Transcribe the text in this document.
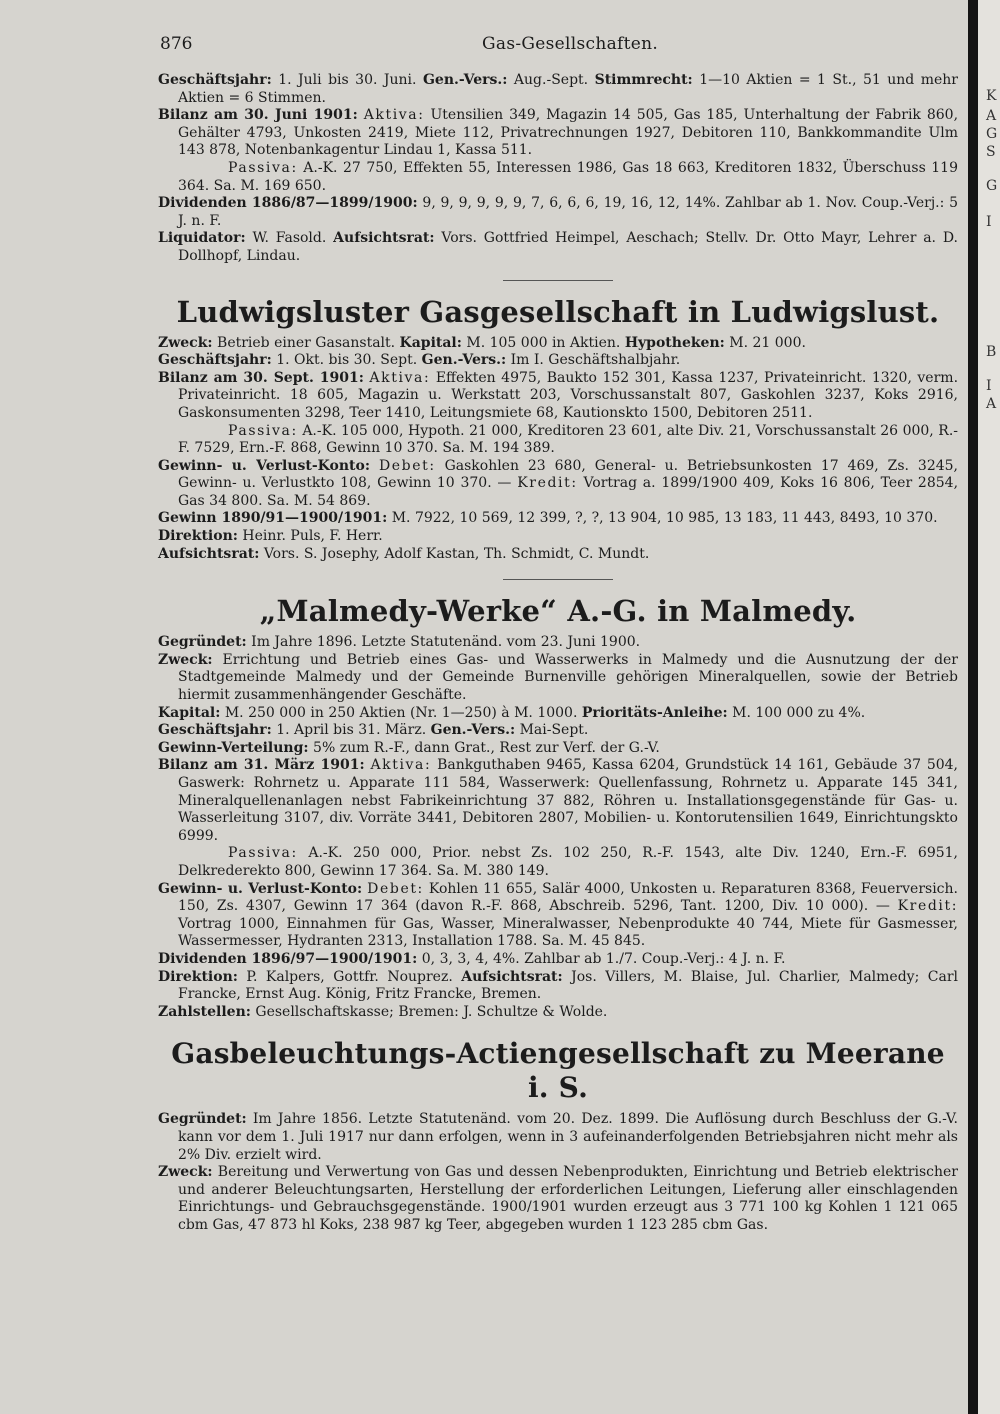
K
A
G
S
G
I
B
I
A
876	Gas-Gesellschaften.

Geschäftsjahr: 1. Juli bis 30. Juni. Gen.-Vers.: Aug.-Sept. Stimmrecht: 1—10 Aktien = 1 St., 51 und mehr Aktien = 6 Stimmen.

Bilanz am 30. Juni 1901: Aktiva: Utensilien 349, Magazin 14 505, Gas 185, Unterhaltung der Fabrik 860, Gehälter 4793, Unkosten 2419, Miete 112, Privatrechnungen 1927, Debitoren 110, Bankkommandite Ulm 143 878, Notenbankagentur Lindau 1, Kassa 511.

Passiva: A.-K. 27 750, Effekten 55, Interessen 1986, Gas 18 663, Kreditoren 1832, Überschuss 119 364. Sa. M. 169 650.

Dividenden 1886/87—1899/1900: 9, 9, 9, 9, 9, 9, 7, 6, 6, 6, 19, 16, 12, 14%. Zahlbar ab 1. Nov. Coup.-Verj.: 5 J. n. F.

Liquidator: W. Fasold. Aufsichtsrat: Vors. Gottfried Heimpel, Aeschach; Stellv. Dr. Otto Mayr, Lehrer a. D. Dollhopf, Lindau.

Ludwigsluster Gasgesellschaft in Ludwigslust.

Zweck: Betrieb einer Gasanstalt. Kapital: M. 105 000 in Aktien. Hypotheken: M. 21 000.

Geschäftsjahr: 1. Okt. bis 30. Sept. Gen.-Vers.: Im I. Geschäftshalbjahr.

Bilanz am 30. Sept. 1901: Aktiva: Effekten 4975, Baukto 152 301, Kassa 1237, Privateinricht. 1320, verm. Privateinricht. 18 605, Magazin u. Werkstatt 203, Vorschussanstalt 807, Gaskohlen 3237, Koks 2916, Gaskonsumenten 3298, Teer 1410, Leitungsmiete 68, Kautionskto 1500, Debitoren 2511.

Passiva: A.-K. 105 000, Hypoth. 21 000, Kreditoren 23 601, alte Div. 21, Vorschussanstalt 26 000, R.-F. 7529, Ern.-F. 868, Gewinn 10 370. Sa. M. 194 389.

Gewinn- u. Verlust-Konto: Debet: Gaskohlen 23 680, General- u. Betriebsunkosten 17 469, Zs. 3245, Gewinn- u. Verlustkto 108, Gewinn 10 370. — Kredit: Vortrag a. 1899/1900 409, Koks 16 806, Teer 2854, Gas 34 800. Sa. M. 54 869.

Gewinn 1890/91—1900/1901: M. 7922, 10 569, 12 399, ?, ?, 13 904, 10 985, 13 183, 11 443, 8493, 10 370.

Direktion: Heinr. Puls, F. Herr.

Aufsichtsrat: Vors. S. Josephy, Adolf Kastan, Th. Schmidt, C. Mundt.

„Malmedy-Werke“ A.-G. in Malmedy.

Gegründet: Im Jahre 1896. Letzte Statutenänd. vom 23. Juni 1900.

Zweck: Errichtung und Betrieb eines Gas- und Wasserwerks in Malmedy und die Ausnutzung der der Stadtgemeinde Malmedy und der Gemeinde Burnenville gehörigen Mineralquellen, sowie der Betrieb hiermit zusammenhängender Geschäfte.

Kapital: M. 250 000 in 250 Aktien (Nr. 1—250) à M. 1000. Prioritäts-Anleihe: M. 100 000 zu 4%.

Geschäftsjahr: 1. April bis 31. März. Gen.-Vers.: Mai-Sept.

Gewinn-Verteilung: 5% zum R.-F., dann Grat., Rest zur Verf. der G.-V.

Bilanz am 31. März 1901: Aktiva: Bankguthaben 9465, Kassa 6204, Grundstück 14 161, Gebäude 37 504, Gaswerk: Rohrnetz u. Apparate 111 584, Wasserwerk: Quellenfassung, Rohrnetz u. Apparate 145 341, Mineralquellenanlagen nebst Fabrikeinrichtung 37 882, Röhren u. Installationsgegenstände für Gas- u. Wasserleitung 3107, div. Vorräte 3441, Debitoren 2807, Mobilien- u. Kontorutensilien 1649, Einrichtungskto 6999.

Passiva: A.-K. 250 000, Prior. nebst Zs. 102 250, R.-F. 1543, alte Div. 1240, Ern.-F. 6951, Delkrederekto 800, Gewinn 17 364. Sa. M. 380 149.

Gewinn- u. Verlust-Konto: Debet: Kohlen 11 655, Salär 4000, Unkosten u. Reparaturen 8368, Feuerversich. 150, Zs. 4307, Gewinn 17 364 (davon R.-F. 868, Abschreib. 5296, Tant. 1200, Div. 10 000). — Kredit: Vortrag 1000, Einnahmen für Gas, Wasser, Mineralwasser, Nebenprodukte 40 744, Miete für Gasmesser, Wassermesser, Hydranten 2313, Installation 1788. Sa. M. 45 845.

Dividenden 1896/97—1900/1901: 0, 3, 3, 4, 4%. Zahlbar ab 1./7. Coup.-Verj.: 4 J. n. F.

Direktion: P. Kalpers, Gottfr. Nouprez. Aufsichtsrat: Jos. Villers, M. Blaise, Jul. Charlier, Malmedy; Carl Francke, Ernst Aug. König, Fritz Francke, Bremen.

Zahlstellen: Gesellschaftskasse; Bremen: J. Schultze & Wolde.

Gasbeleuchtungs-Actiengesellschaft zu Meerane i. S.

Gegründet: Im Jahre 1856. Letzte Statutenänd. vom 20. Dez. 1899. Die Auflösung durch Beschluss der G.-V. kann vor dem 1. Juli 1917 nur dann erfolgen, wenn in 3 aufeinanderfolgenden Betriebsjahren nicht mehr als 2% Div. erzielt wird.

Zweck: Bereitung und Verwertung von Gas und dessen Nebenprodukten, Einrichtung und Betrieb elektrischer und anderer Beleuchtungsarten, Herstellung der erforderlichen Leitungen, Lieferung aller einschlagenden Einrichtungs- und Gebrauchsgegenstände. 1900/1901 wurden erzeugt aus 3 771 100 kg Kohlen 1 121 065 cbm Gas, 47 873 hl Koks, 238 987 kg Teer, abgegeben wurden 1 123 285 cbm Gas.
